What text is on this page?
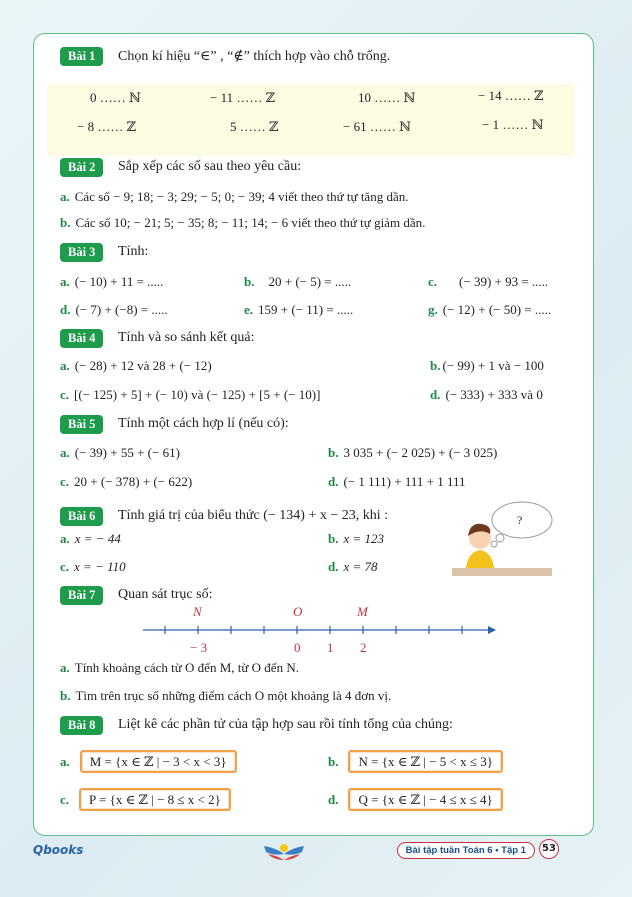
Bài 1	Chọn kí hiệu “∈” , “∉” thích hợp vào chỗ trống.
0 …… ℕ	− 11 …… ℤ	10 …… ℕ	− 14 …… ℤ
− 8 …… ℤ	5 …… ℤ	− 61 …… ℕ	− 1 …… ℕ
Bài 2	Sắp xếp các số sau theo yêu cầu:
a. Các số − 9; 18; − 3; 29; − 5; 0; − 39; 4 viết theo thứ tự tăng dần.
b. Các số 10; − 21; 5; − 35; 8; − 11; 14; − 6 viết theo thứ tự giảm dần.
Bài 3	Tính:
a. (− 10) + 11 = .....	b. 20 + (− 5) = .....	c. (− 39) + 93 = .....
d. (− 7) + (−8) = .....	e. 159 + (− 11) = .....	g. (− 12) + (− 50) = .....
Bài 4	Tính và so sánh kết quả:
a. (− 28) + 12 và 28 + (− 12)	b. (− 99) + 1 và − 100
c. [(− 125) + 5] + (− 10) và (− 125) + [5 + (− 10)]	d. (− 333) + 333 và 0
Bài 5	Tính một cách hợp lí (nếu có):
a. (− 39) + 55 + (− 61)	b. 3 035 + (− 2 025) + (− 3 025)
c. 20 + (− 378) + (− 622)	d. (− 1 111) + 111 + 1 111
Bài 6	Tính giá trị của biểu thức (− 134) + x − 23, khi :
a. x = − 44	b. x = 123
c. x = − 110	d. x = 78
?
Bài 7	Quan sát trục số:
N	O	M
− 3	0 1 2
a. Tính khoảng cách từ O đến M, từ O đến N.
b. Tìm trên trục số những điểm cách O một khoảng là 4 đơn vị.
Bài 8	Liệt kê các phần tử của tập hợp sau rồi tính tổng của chúng:
a. M = {x ∈ ℤ | − 3 < x < 3}	b. N = {x ∈ ℤ | − 5 < x ≤ 3}
c. P = {x ∈ ℤ | − 8 ≤ x < 2}	d. Q = {x ∈ ℤ | − 4 ≤ x ≤ 4}
Qbooks	Bài tập tuần Toán 6 • Tập 1	53
